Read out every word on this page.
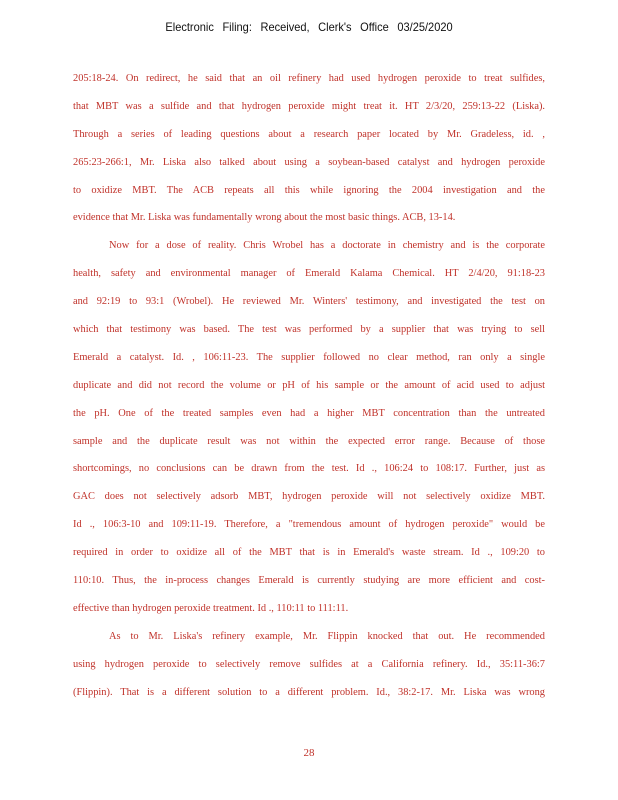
Electronic Filing: Received, Clerk's Office 03/25/2020
205:18-24. On redirect, he said that an oil refinery had used hydrogen peroxide to treat sulfides,
that MBT was a sulfide and that hydrogen peroxide might treat it. HT 2/3/20, 259:13-22 (Liska).
Through a series of leading questions about a research paper located by Mr. Gradeless, id. ,
265:23-266:1, Mr. Liska also talked about using a soybean-based catalyst and hydrogen peroxide
to oxidize MBT. The ACB repeats all this while ignoring the 2004 investigation and the
evidence that Mr. Liska was fundamentally wrong about the most basic things. ACB, 13-14.
Now for a dose of reality. Chris Wrobel has a doctorate in chemistry and is the corporate
health, safety and environmental manager of Emerald Kalama Chemical. HT 2/4/20, 91:18-23
and 92:19 to 93:1 (Wrobel). He reviewed Mr. Winters' testimony, and investigated the test on
which that testimony was based. The test was performed by a supplier that was trying to sell
Emerald a catalyst. Id. , 106:11-23. The supplier followed no clear method, ran only a single
duplicate and did not record the volume or pH of his sample or the amount of acid used to adjust
the pH. One of the treated samples even had a higher MBT concentration than the untreated
sample and the duplicate result was not within the expected error range. Because of those
shortcomings, no conclusions can be drawn from the test. Id ., 106:24 to 108:17. Further, just as
GAC does not selectively adsorb MBT, hydrogen peroxide will not selectively oxidize MBT.
Id ., 106:3-10 and 109:11-19. Therefore, a "tremendous amount of hydrogen peroxide" would be
required in order to oxidize all of the MBT that is in Emerald's waste stream. Id ., 109:20 to
110:10. Thus, the in-process changes Emerald is currently studying are more efficient and cost-
effective than hydrogen peroxide treatment. Id ., 110:11 to 111:11.
As to Mr. Liska's refinery example, Mr. Flippin knocked that out. He recommended
using hydrogen peroxide to selectively remove sulfides at a California refinery. Id., 35:11-36:7
(Flippin). That is a different solution to a different problem. Id., 38:2-17. Mr. Liska was wrong
28
